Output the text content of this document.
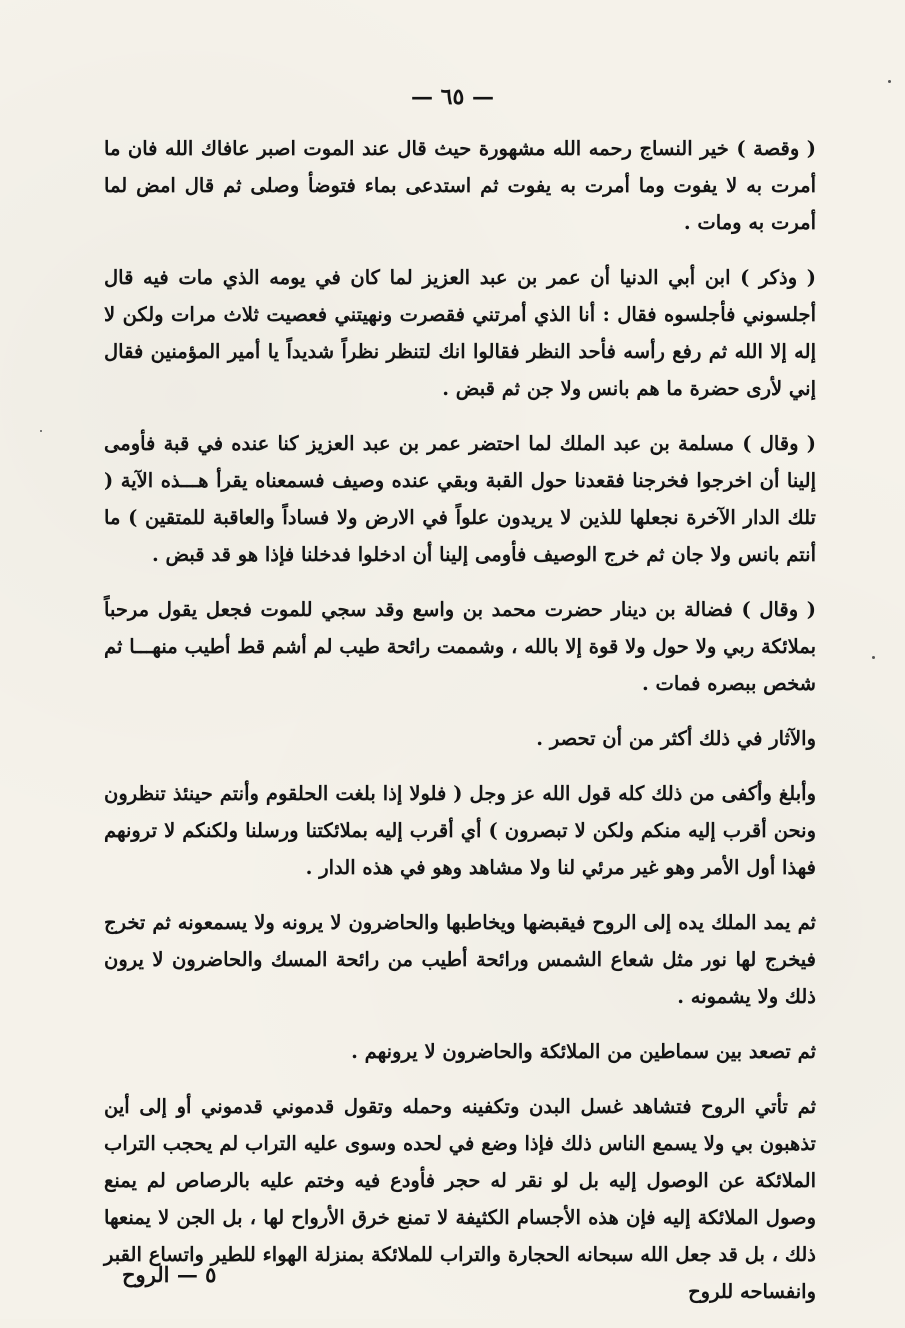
— ٦٥ —

( وقصة ) خير النساج رحمه الله مشهورة حيث قال عند الموت اصبر عافاك الله فان ما أمرت به لا يفوت وما أمرت به يفوت ثم استدعى بماء فتوضأ وصلى ثم قال امض لما أمرت به ومات .

( وذكر ) ابن أبي الدنيا أن عمر بن عبد العزيز لما كان في يومه الذي مات فيه قال أجلسوني فأجلسوه فقال : أنا الذي أمرتني فقصرت ونهيتني فعصيت ثلاث مرات ولكن لا إله إلا الله ثم رفع رأسه فأحد النظر فقالوا انك لتنظر نظراً شديداً يا أمير المؤمنين فقال إني لأرى حضرة ما هم بانس ولا جن ثم قبض .

( وقال ) مسلمة بن عبد الملك لما احتضر عمر بن عبد العزيز كنا عنده في قبة فأومى إلينا أن اخرجوا فخرجنا فقعدنا حول القبة وبقي عنده وصيف فسمعناه يقرأ هـــذه الآية ( تلك الدار الآخرة نجعلها للذين لا يريدون علواً في الارض ولا فساداً والعاقبة للمتقين ) ما أنتم بانس ولا جان ثم خرج الوصيف فأومى إلينا أن ادخلوا فدخلنا فإذا هو قد قبض .

( وقال ) فضالة بن دينار حضرت محمد بن واسع وقد سجي للموت فجعل يقول مرحباً بملائكة ربي ولا حول ولا قوة إلا بالله ، وشممت رائحة طيب لم أشم قط أطيب منهـــا ثم شخص ببصره فمات .

والآثار في ذلك أكثر من أن تحصر .

وأبلغ وأكفى من ذلك كله قول الله عز وجل ( فلولا إذا بلغت الحلقوم وأنتم حينئذ تنظرون ونحن أقرب إليه منكم ولكن لا تبصرون ) أي أقرب إليه بملائكتنا ورسلنا ولكنكم لا ترونهم فهذا أول الأمر وهو غير مرئي لنا ولا مشاهد وهو في هذه الدار .

ثم يمد الملك يده إلى الروح فيقبضها ويخاطبها والحاضرون لا يرونه ولا يسمعونه ثم تخرج فيخرج لها نور مثل شعاع الشمس ورائحة أطيب من رائحة المسك والحاضرون لا يرون ذلك ولا يشمونه .

ثم تصعد بين سماطين من الملائكة والحاضرون لا يرونهم .

ثم تأتي الروح فتشاهد غسل البدن وتكفينه وحمله وتقول قدموني قدموني أو إلى أين تذهبون بي ولا يسمع الناس ذلك فإذا وضع في لحده وسوى عليه التراب لم يحجب التراب الملائكة عن الوصول إليه بل لو نقر له حجر فأودع فيه وختم عليه بالرصاص لم يمنع وصول الملائكة إليه فإن هذه الأجسام الكثيفة لا تمنع خرق الأرواح لها ، بل الجن لا يمنعها ذلك ، بل قد جعل الله سبحانه الحجارة والتراب للملائكة بمنزلة الهواء للطير واتساع القبر وانفساحه للروح

٥ — الروح
